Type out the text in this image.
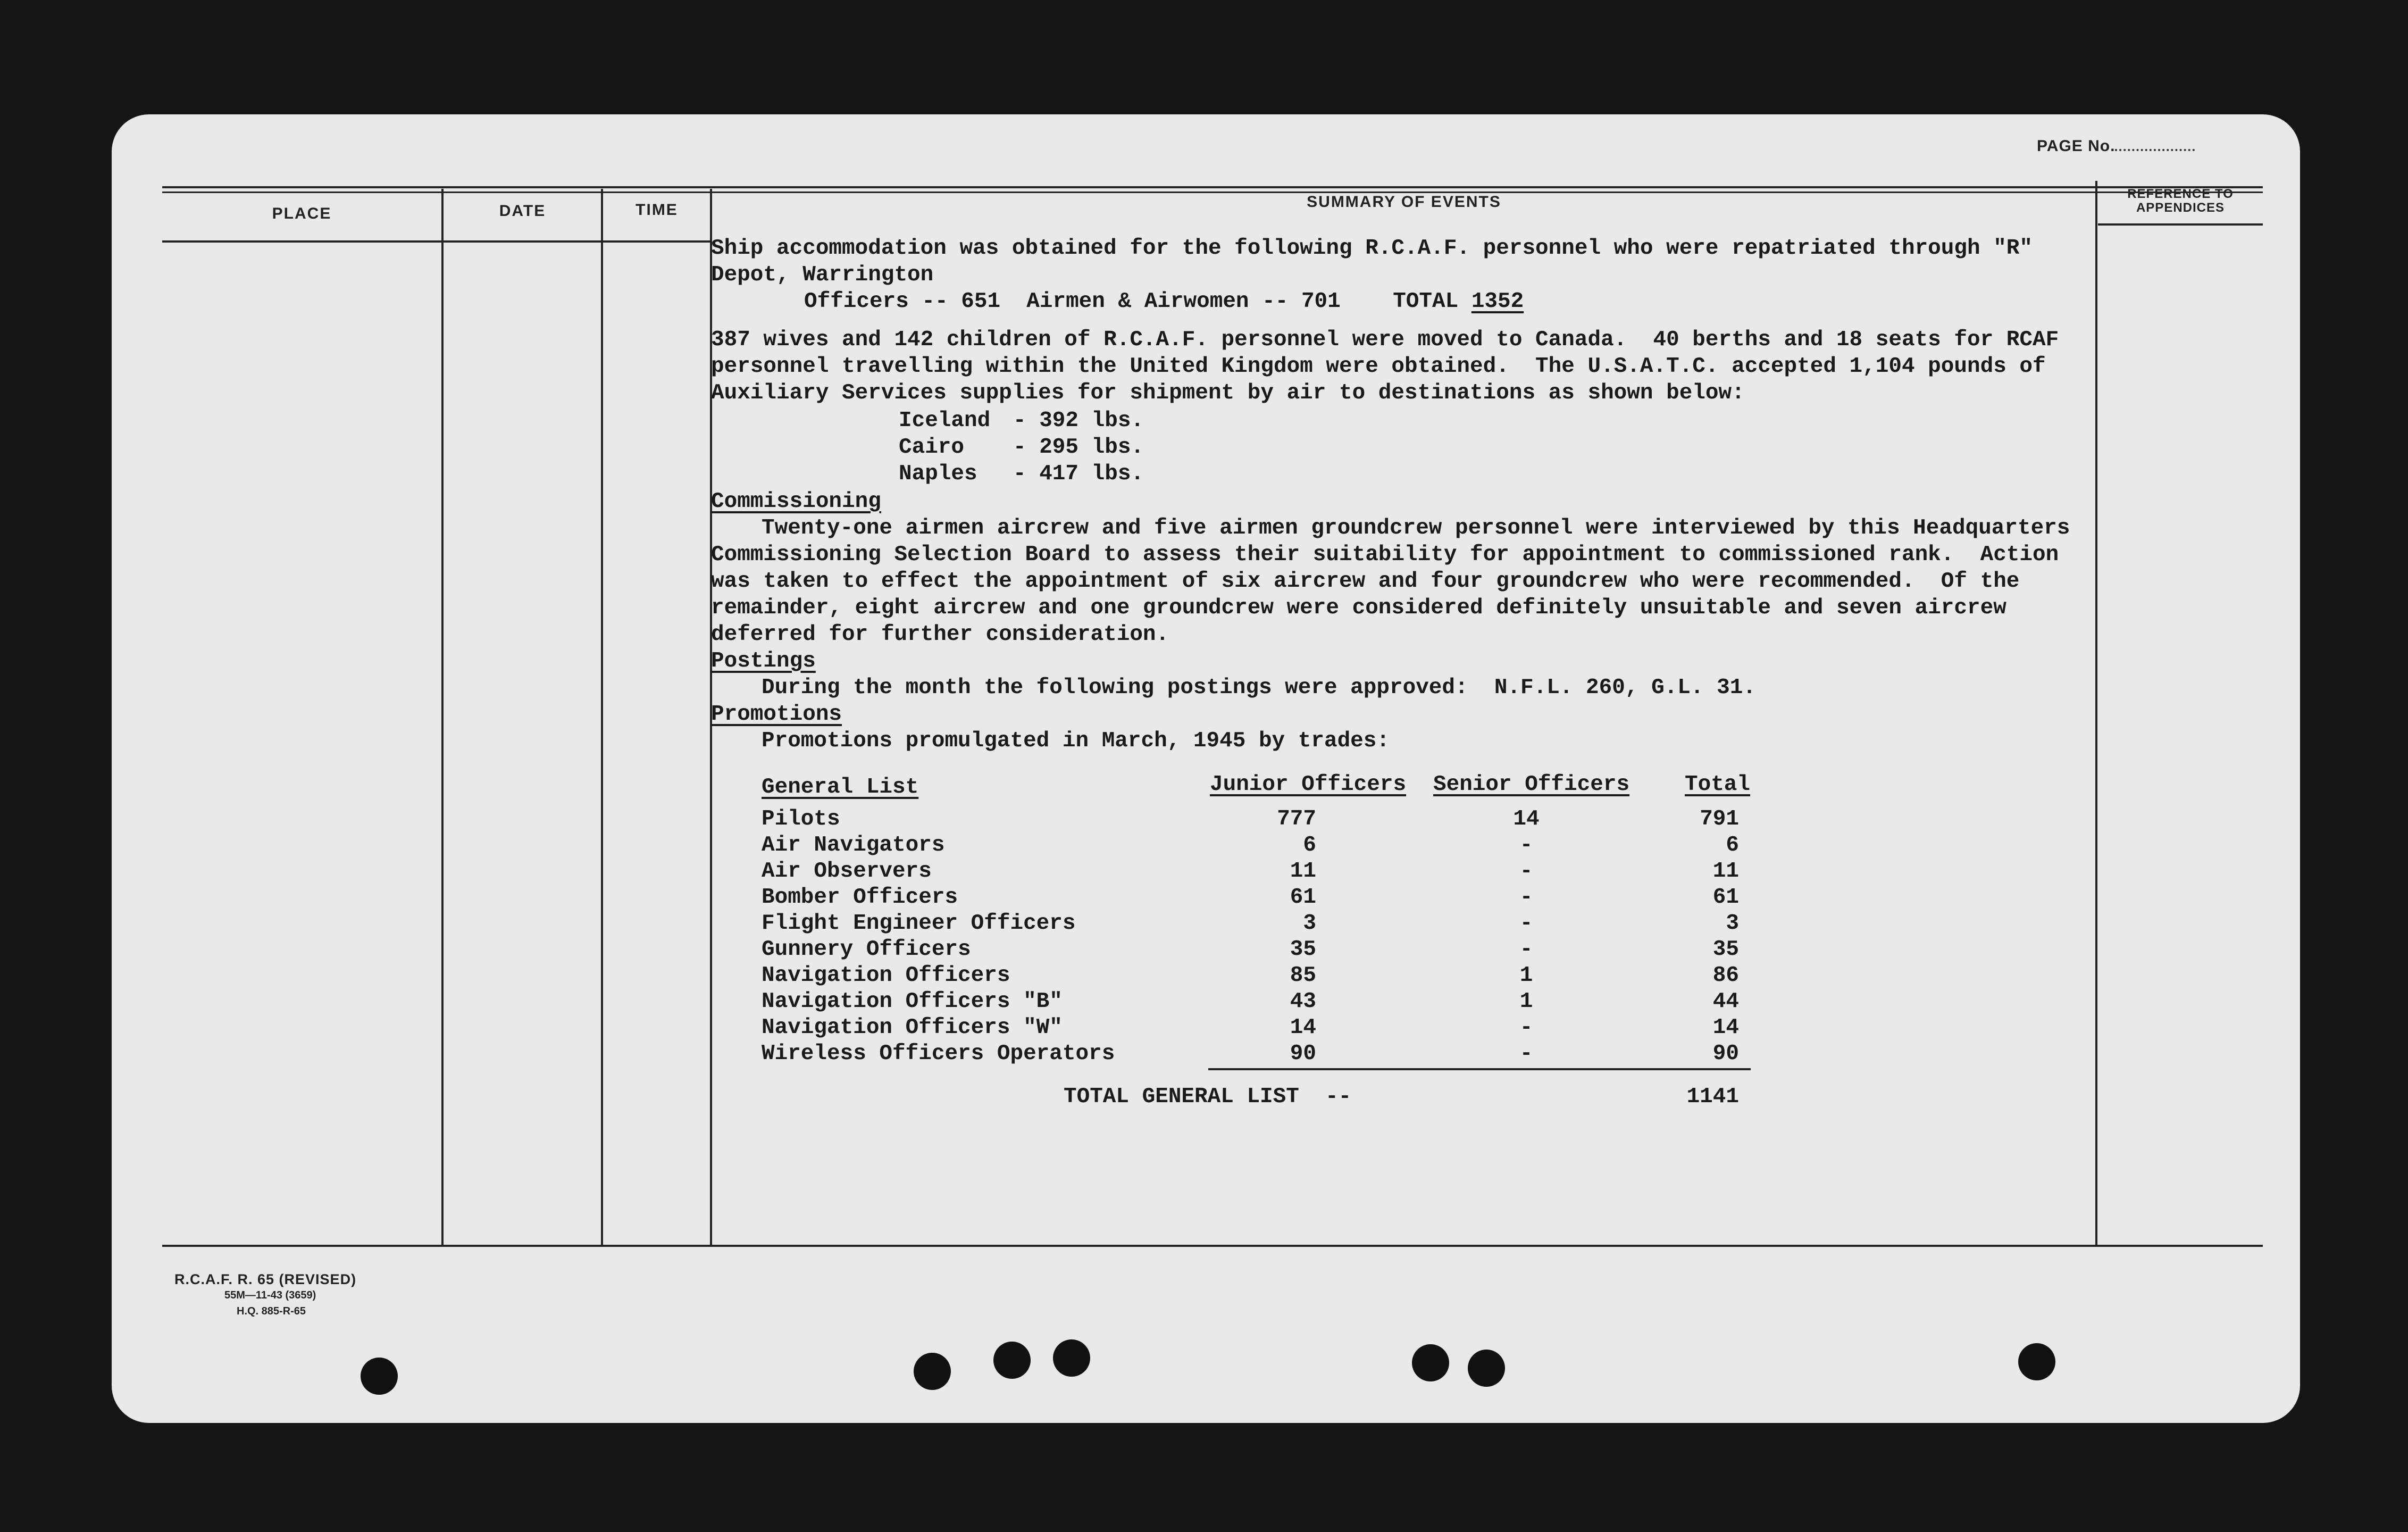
PAGE No.
PLACE	DATE	TIME	SUMMARY OF EVENTS	REFERENCE TO
APPENDICES
Ship accommodation was obtained for the following R.C.A.F. personnel who were repatriated through "R"
Depot, Warrington
Officers -- 651  Airmen & Airwomen -- 701 TOTAL 1352
387 wives and 142 children of R.C.A.F. personnel were moved to Canada.  40 berths and 18 seats for RCAF
personnel travelling within the United Kingdom were obtained.  The U.S.A.T.C. accepted 1,104 pounds of
Auxiliary Services supplies for shipment by air to destinations as shown below:
Iceland - 392 lbs.
Cairo - 295 lbs.
Naples - 417 lbs.
Commissioning
Twenty-one airmen aircrew and five airmen groundcrew personnel were interviewed by this Headquarters
Commissioning Selection Board to assess their suitability for appointment to commissioned rank.  Action
was taken to effect the appointment of six aircrew and four groundcrew who were recommended.  Of the
remainder, eight aircrew and one groundcrew were considered definitely unsuitable and seven aircrew
deferred for further consideration.
Postings
During the month the following postings were approved:  N.F.L. 260, G.L. 31.
Promotions
Promotions promulgated in March, 1945 by trades:
General List	Junior Officers Senior Officers	Total
Pilots	777	14	791
Air Navigators	6	-	6
Air Observers	11	-	11
Bomber Officers	61	-	61
Flight Engineer Officers	3	-	3
Gunnery Officers	35	-	35
Navigation Officers	85	1	86
Navigation Officers "B"	43	1	44
Navigation Officers "W"	14	-	14
Wireless Officers Operators	90	-	90
TOTAL GENERAL LIST  --	1141
R.C.A.F. R. 65 (REVISED)
55M—11-43 (3659)
H.Q. 885-R-65
